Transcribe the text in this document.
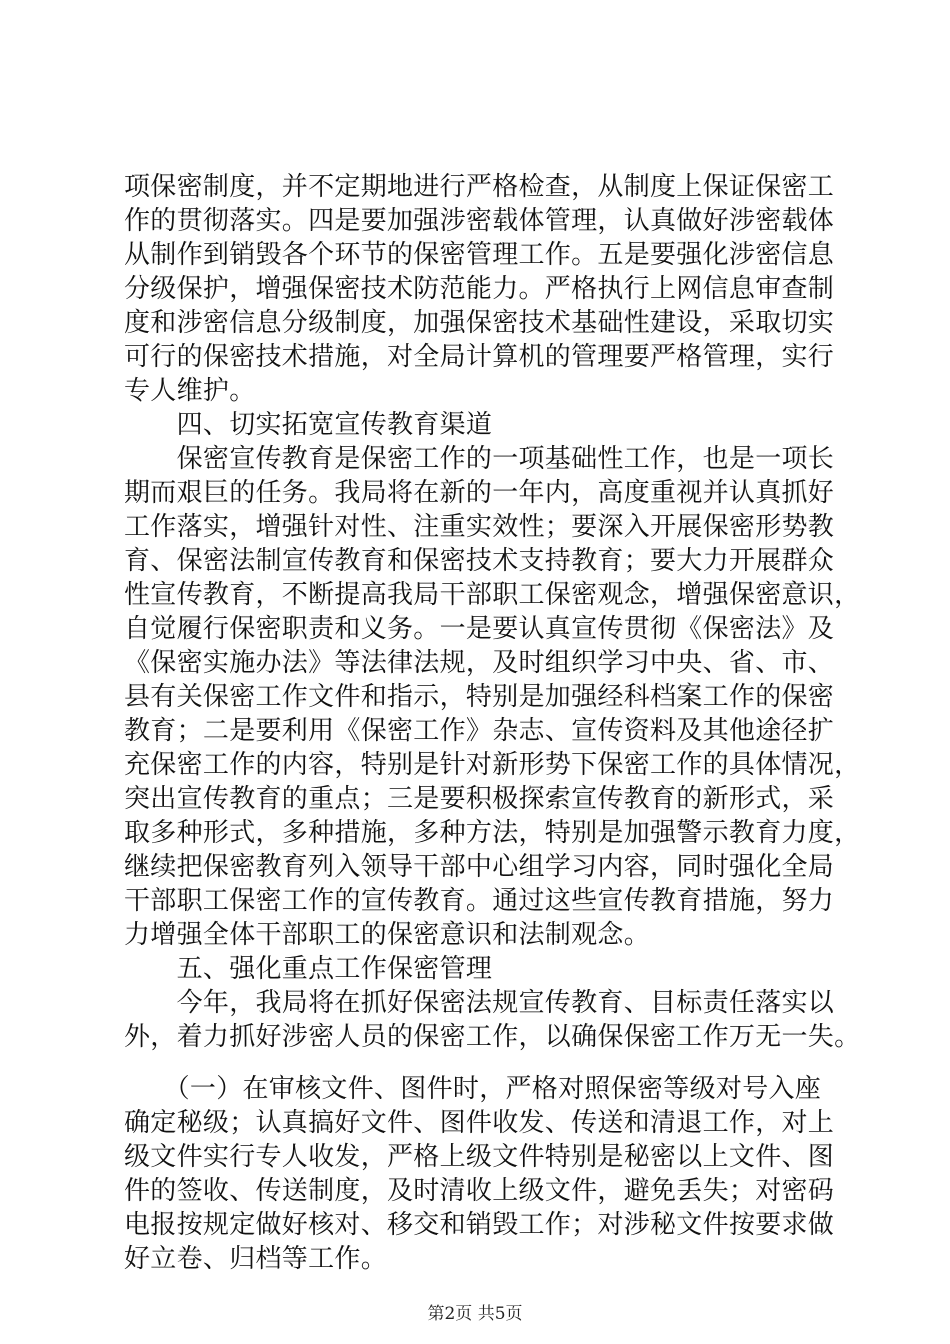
项保密制度，并不定期地进行严格检查，从制度上保证保密工
作的贯彻落实。四是要加强涉密载体管理，认真做好涉密载体
从制作到销毁各个环节的保密管理工作。五是要强化涉密信息
分级保护，增强保密技术防范能力。严格执行上网信息审查制
度和涉密信息分级制度，加强保密技术基础性建设，采取切实
可行的保密技术措施，对全局计算机的管理要严格管理，实行
专人维护。
　　四、切实拓宽宣传教育渠道
　　保密宣传教育是保密工作的一项基础性工作，也是一项长
期而艰巨的任务。我局将在新的一年内，高度重视并认真抓好
工作落实，增强针对性、注重实效性；要深入开展保密形势教
育、保密法制宣传教育和保密技术支持教育；要大力开展群众
性宣传教育，不断提高我局干部职工保密观念，增强保密意识，
自觉履行保密职责和义务。一是要认真宣传贯彻《保密法》及
《保密实施办法》等法律法规，及时组织学习中央、省、市、
县有关保密工作文件和指示，特别是加强经科档案工作的保密
教育；二是要利用《保密工作》杂志、宣传资料及其他途径扩
充保密工作的内容，特别是针对新形势下保密工作的具体情况，
突出宣传教育的重点；三是要积极探索宣传教育的新形式，采
取多种形式，多种措施，多种方法，特别是加强警示教育力度，
继续把保密教育列入领导干部中心组学习内容，同时强化全局
干部职工保密工作的宣传教育。通过这些宣传教育措施，努力
力增强全体干部职工的保密意识和法制观念。
　　五、强化重点工作保密管理
　　今年，我局将在抓好保密法规宣传教育、目标责任落实以
外，着力抓好涉密人员的保密工作，以确保保密工作万无一失。
　　（一）在审核文件、图件时，严格对照保密等级对号入座
确定秘级；认真搞好文件、图件收发、传送和清退工作，对上
级文件实行专人收发，严格上级文件特别是秘密以上文件、图
件的签收、传送制度，及时清收上级文件，避免丢失；对密码
电报按规定做好核对、移交和销毁工作；对涉秘文件按要求做
好立卷、归档等工作。
第2页 共5页
